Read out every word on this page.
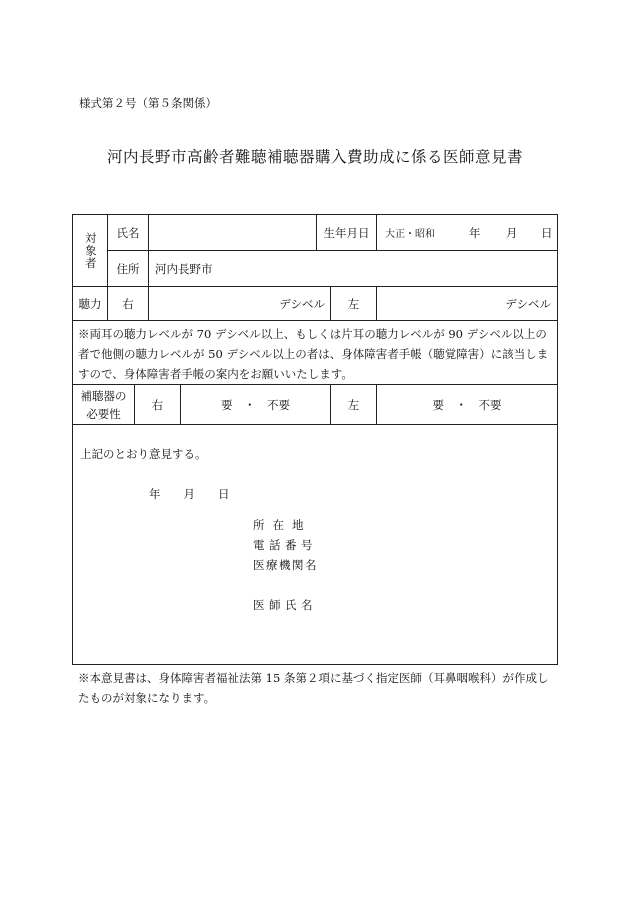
様式第２号（第５条関係）
河内長野市高齢者難聴補聴器購入費助成に係る医師意見書
対象者 氏名	生年月日 大正・昭和	年 月 日
住所 河内長野市
聴力 右	デシベル 左	デシベル
※両耳の聴力レベルが 70 デシベル以上、もしくは片耳の聴力レベルが 90 デシベル以上の
者で他側の聴力レベルが 50 デシベル以上の者は、身体障害者手帳（聴覚障害）に該当しま
すので、身体障害者手帳の案内をお願いいたします。
補聴器の
必要性
右	要　・　不要	左	要　・　不要
上記のとおり意見する。
年　　月　　日
所在地
電話番号
医療機関名
医師氏名
※本意見書は、身体障害者福祉法第 15 条第２項に基づく指定医師（耳鼻咽喉科）が作成し
たものが対象になります。
